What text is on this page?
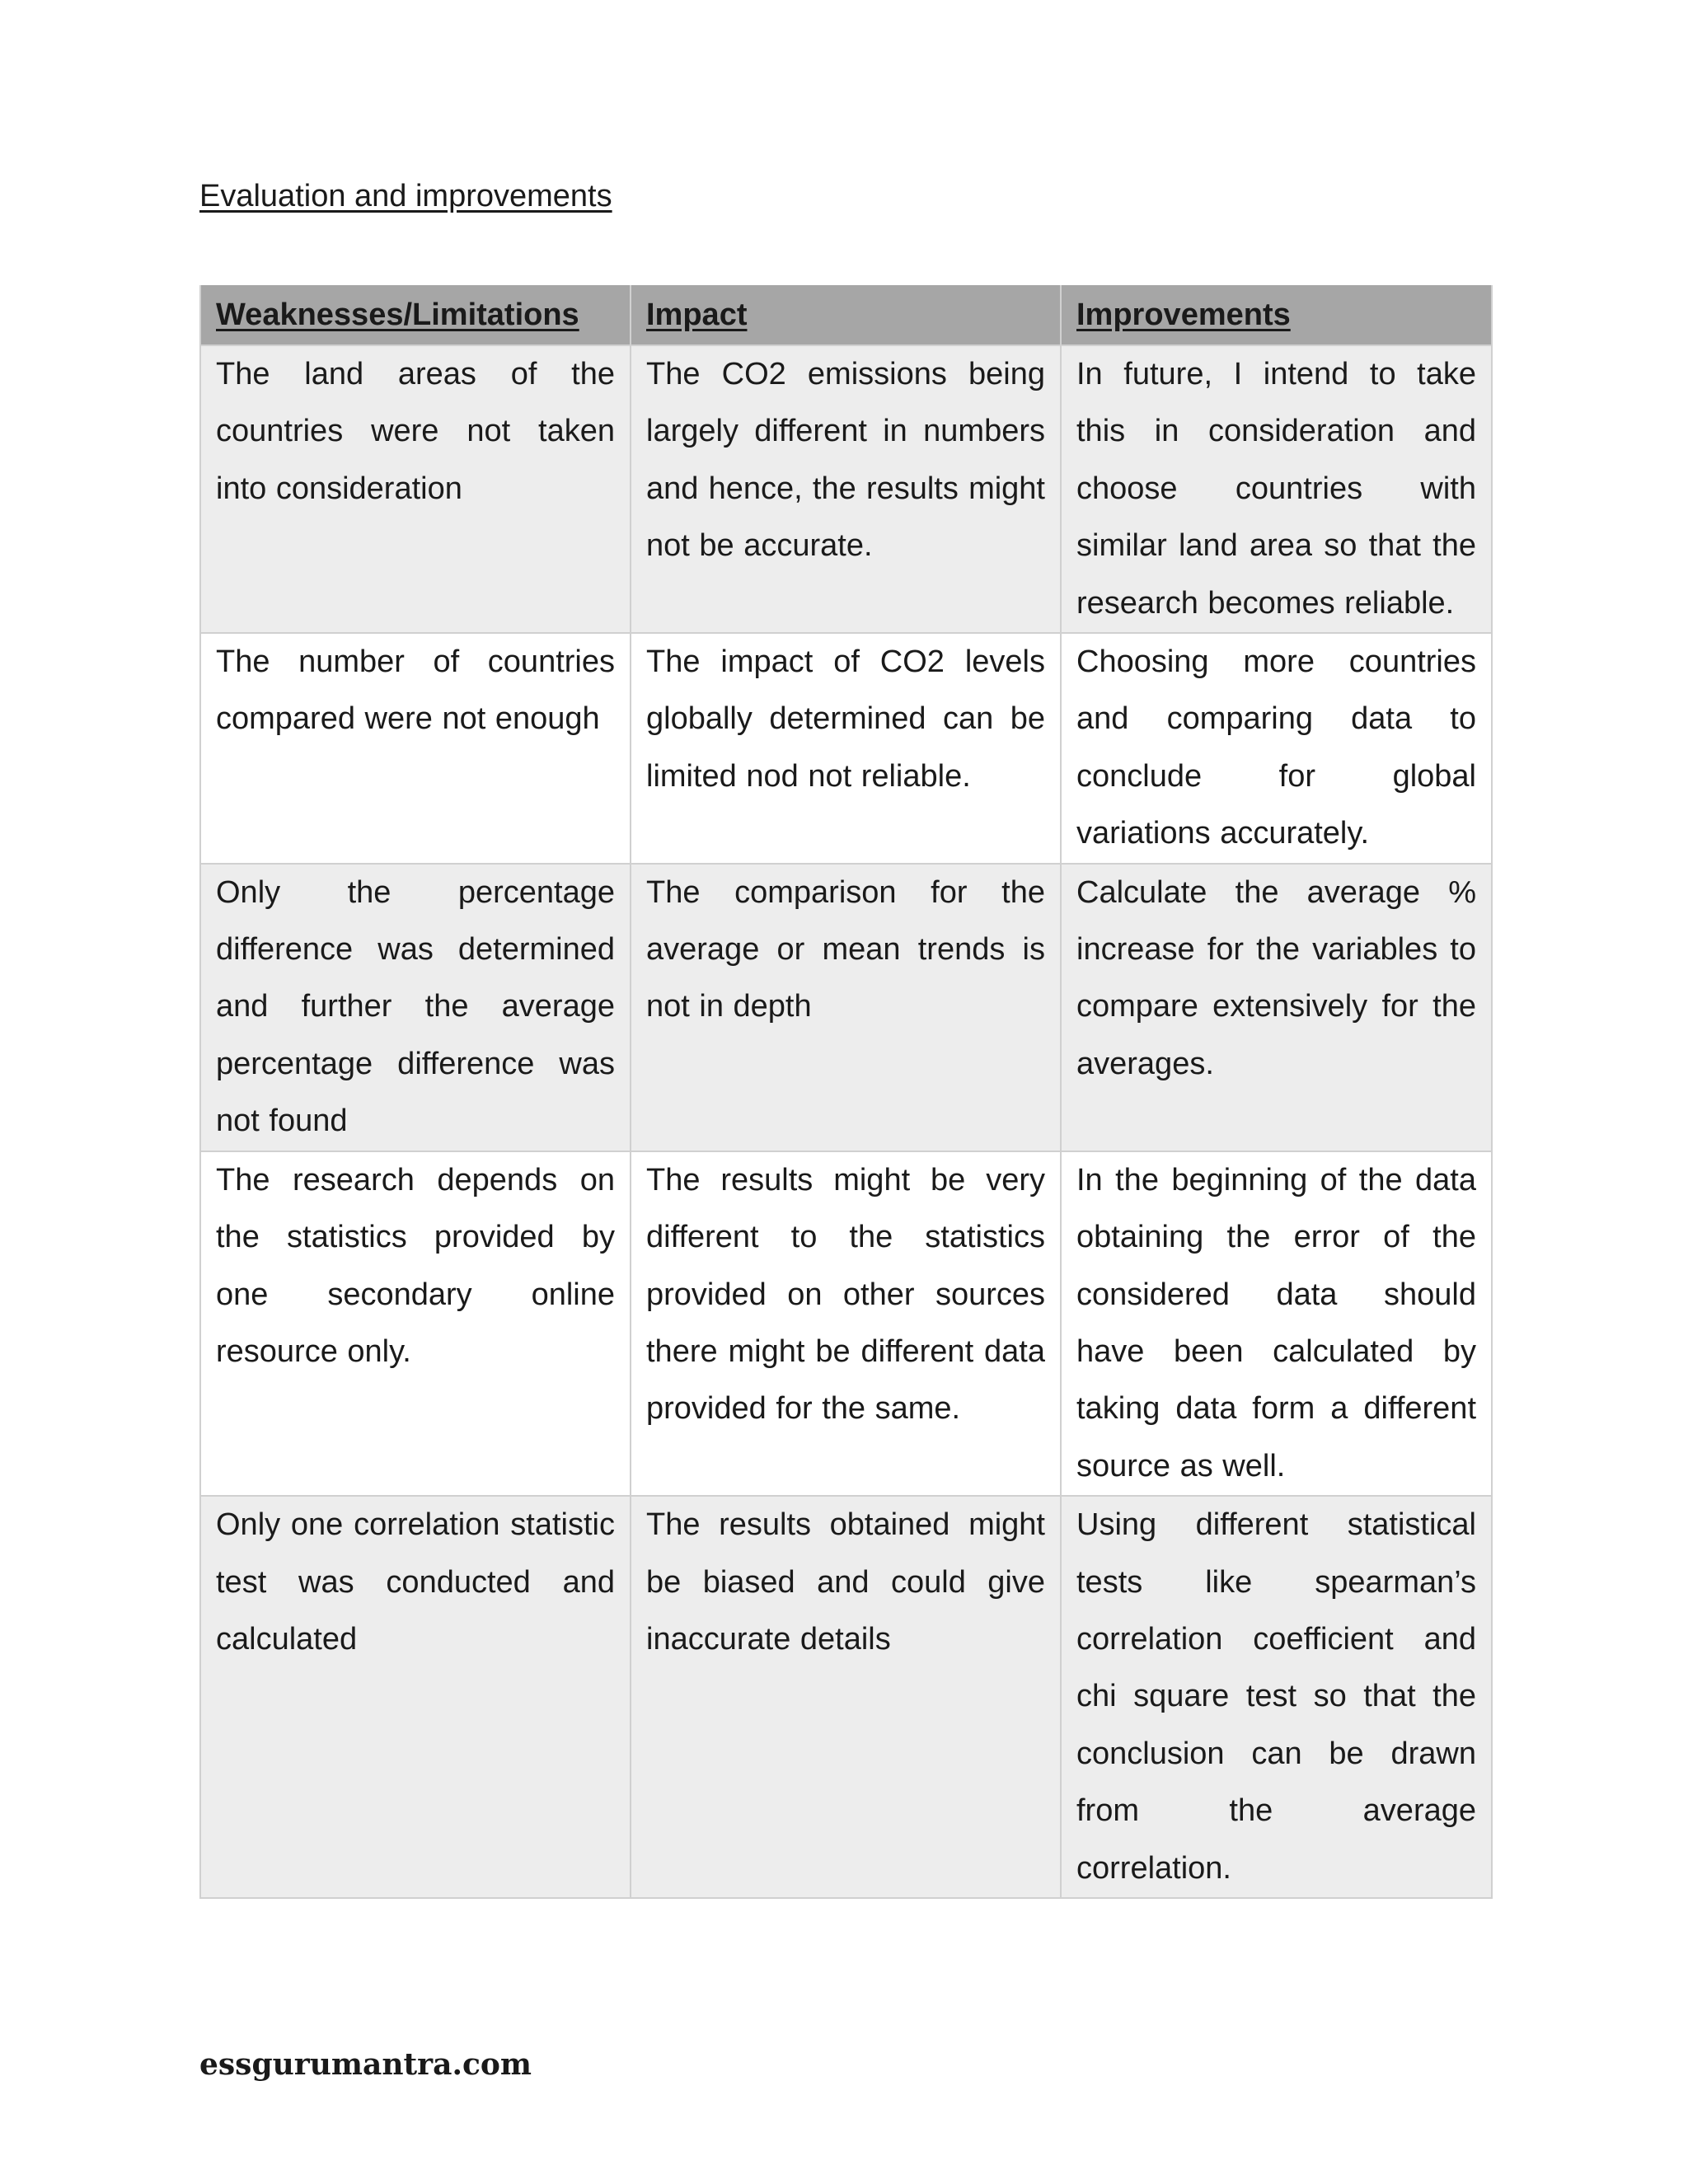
Evaluation and improvements
Weaknesses/Limitations	Impact	Improvements

The land areas of the countries were not taken into consideration	The CO2 emissions being largely different in numbers and hence, the results might not be accurate.	In future, I intend to take this in consideration and choose countries with similar land area so that the research becomes reliable.

The number of countries compared were not enough	The impact of CO2 levels globally determined can be limited nod not reliable.	Choosing more countries and comparing data to conclude for global variations accurately.

Only the percentage difference was determined and further the average percentage difference was not found	The comparison for the average or mean trends is not in depth	Calculate the average % increase for the variables to compare extensively for the averages.

The research depends on the statistics provided by one secondary online resource only.	The results might be very different to the statistics provided on other sources there might be different data provided for the same.	In the beginning of the data obtaining the error of the considered data should have been calculated by taking data form a different source as well.

Only one correlation statistic test was conducted and calculated	The results obtained might be biased and could give inaccurate details	Using different statistical tests like spearman’s correlation coefficient and chi square test so that the conclusion can be drawn from the average correlation.

essgurumantra.com
